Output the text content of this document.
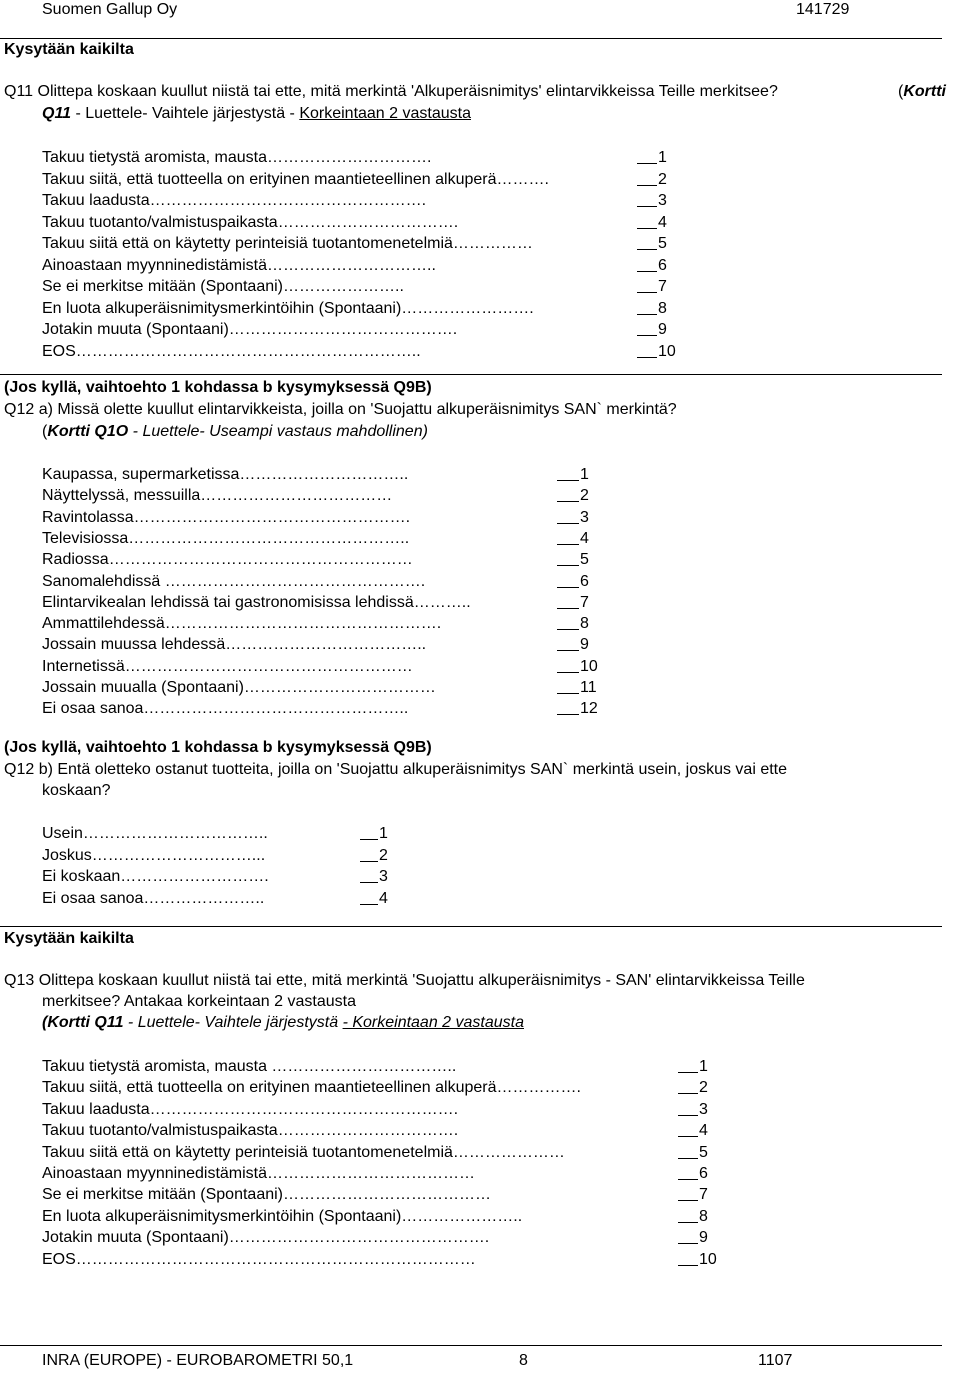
Suomen Gallup Oy	141729
Kysytään kaikilta
Q11 Olittepa koskaan kuullut niistä tai ette, mitä merkintä 'Alkuperäisnimitys' elintarvikkeissa Teille merkitsee?	(Kortti
Q11 - Luettele- Vaihtele järjestystä - Korkeintaan 2 vastausta
Takuu tietystä aromista, mausta………………………….	1
Takuu siitä, että tuotteella on erityinen maantieteellinen alkuperä……….	2
Takuu laadusta…………………………………………….	3
Takuu tuotanto/valmistuspaikasta…………………………….	4
Takuu siitä että on käytetty perinteisiä tuotantomenetelmiä……………	5
Ainoastaan myynninedistämistä…………………………..	6
Se ei merkitse mitään (Spontaani)…………………..	7
En luota alkuperäisnimitysmerkintöihin (Spontaani)…………………….	8
Jotakin muuta (Spontaani)…………………………………….	9
EOS………………………………………………………..	10
(Jos kyllä, vaihtoehto 1 kohdassa b kysymyksessä Q9B)
Q12 a) Missä olette kuullut elintarvikkeista, joilla on 'Suojattu alkuperäisnimitys SAN` merkintä?
(Kortti Q1O - Luettele- Useampi vastaus mahdollinen)
Kaupassa, supermarketissa…………………………..	1
Näyttelyssä, messuilla………………………………	2
Ravintolassa…………………………………………….	3
Televisiossa……………………………………………..	4
Radiossa…………………………………………………	5
Sanomalehdissä ………………………………………….	6
Elintarvikealan lehdissä tai gastronomisissa lehdissä………..	7
Ammattilehdessä…………………………………………….	8
Jossain muussa lehdessä………………………………..	9
Internetissä………………………………………………	10
Jossain muualla (Spontaani)………………………………	11
Ei osaa sanoa…………………………………………..	12
(Jos kyllä, vaihtoehto 1 kohdassa b kysymyksessä Q9B)
Q12 b) Entä oletteko ostanut tuotteita, joilla on 'Suojattu alkuperäisnimitys SAN` merkintä usein, joskus vai ette
koskaan?
Usein……………………………..	1
Joskus…………………………...	2
Ei koskaan……………………….	3
Ei osaa sanoa…………………..	4
Kysytään kaikilta
Q13 Olittepa koskaan kuullut niistä tai ette, mitä merkintä 'Suojattu alkuperäisnimitys - SAN' elintarvikkeissa Teille
merkitsee? Antakaa korkeintaan 2 vastausta
(Kortti Q11 - Luettele- Vaihtele järjestystä - Korkeintaan 2 vastausta
Takuu tietystä aromista, mausta ……………………………..	1
Takuu siitä, että tuotteella on erityinen maantieteellinen alkuperä…………….	2
Takuu laadusta………………………………………………….	3
Takuu tuotanto/valmistuspaikasta…………………………….	4
Takuu siitä että on käytetty perinteisiä tuotantomenetelmiä…………………	5
Ainoastaan myynninedistämistä…………………………………	6
Se ei merkitse mitään (Spontaani)…………………………………	7
En luota alkuperäisnimitysmerkintöihin (Spontaani)…………………..	8
Jotakin muuta (Spontaani)………………………………………….	9
EOS…………………………………………………………………	10
INRA (EUROPE) - EUROBAROMETRI 50,1	8	1107
